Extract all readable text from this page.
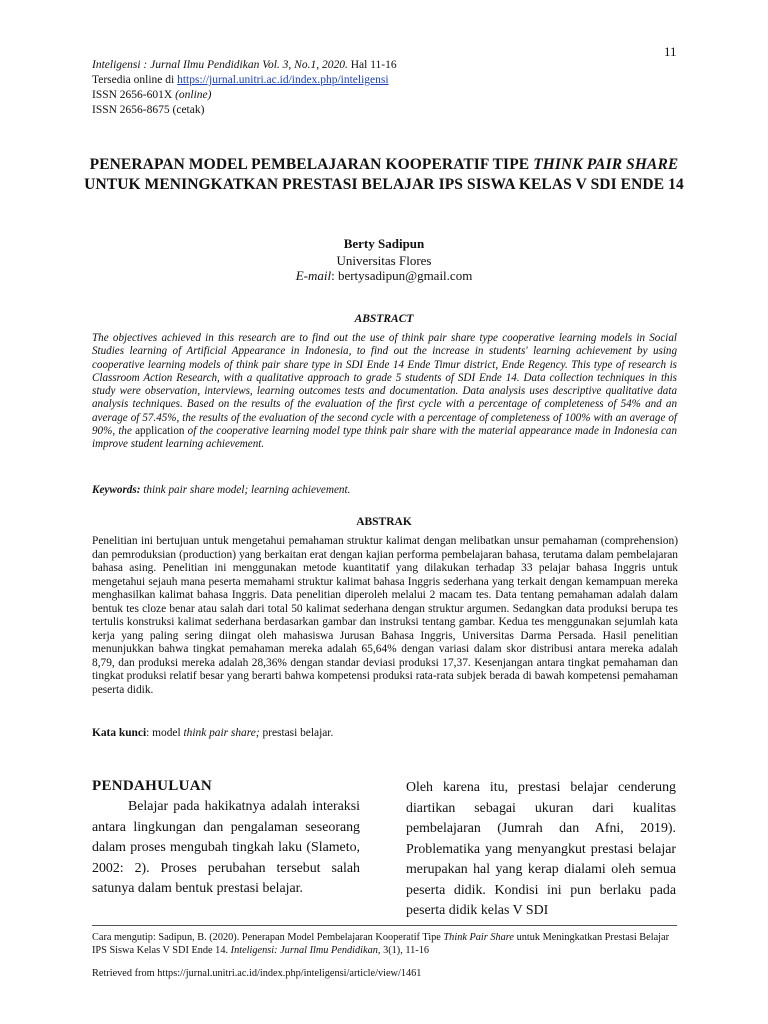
11
Inteligensi : Jurnal Ilmu Pendidikan Vol. 3, No.1, 2020. Hal 11-16
Tersedia online di https://jurnal.unitri.ac.id/index.php/inteligensi
ISSN 2656-601X (online)
ISSN 2656-8675 (cetak)
PENERAPAN MODEL PEMBELAJARAN KOOPERATIF TIPE THINK PAIR SHARE UNTUK MENINGKATKAN PRESTASI BELAJAR IPS SISWA KELAS V SDI ENDE 14
Berty Sadipun
Universitas Flores
E-mail: bertysadipun@gmail.com
ABSTRACT
The objectives achieved in this research are to find out the use of think pair share type cooperative learning models in Social Studies learning of Artificial Appearance in Indonesia, to find out the increase in students' learning achievement by using cooperative learning models of think pair share type in SDI Ende 14 Ende Timur district, Ende Regency. This type of research is Classroom Action Research, with a qualitative approach to grade 5 students of SDI Ende 14. Data collection techniques in this study were observation, interviews, learning outcomes tests and documentation. Data analysis uses descriptive qualitative data analysis techniques. Based on the results of the evaluation of the first cycle with a percentage of completeness of 54% and an average of 57.45%, the results of the evaluation of the second cycle with a percentage of completeness of 100% with an average of 90%, the application of the cooperative learning model type think pair share with the material appearance made in Indonesia can improve student learning achievement.
Keywords: think pair share model; learning achievement.
ABSTRAK
Penelitian ini bertujuan untuk mengetahui pemahaman struktur kalimat dengan melibatkan unsur pemahaman (comprehension) dan pemroduksian (production) yang berkaitan erat dengan kajian performa pembelajaran bahasa, terutama dalam pembelajaran bahasa asing. Penelitian ini menggunakan metode kuantitatif yang dilakukan terhadap 33 pelajar bahasa Inggris untuk mengetahui sejauh mana peserta memahami struktur kalimat bahasa Inggris sederhana yang terkait dengan kemampuan mereka menghasilkan kalimat bahasa Inggris. Data penelitian diperoleh melalui 2 macam tes. Data tentang pemahaman adalah dalam bentuk tes cloze benar atau salah dari total 50 kalimat sederhana dengan struktur argumen. Sedangkan data produksi berupa tes tertulis konstruksi kalimat sederhana berdasarkan gambar dan instruksi tentang gambar. Kedua tes menggunakan sejumlah kata kerja yang paling sering diingat oleh mahasiswa Jurusan Bahasa Inggris, Universitas Darma Persada. Hasil penelitian menunjukkan bahwa tingkat pemahaman mereka adalah 65,64% dengan variasi dalam skor distribusi antara mereka adalah 8,79, dan produksi mereka adalah 28,36% dengan standar deviasi produksi 17,37. Kesenjangan antara tingkat pemahaman dan tingkat produksi relatif besar yang berarti bahwa kompetensi produksi rata-rata subjek berada di bawah kompetensi pemahaman peserta didik.
Kata kunci: model think pair share; prestasi belajar.
PENDAHULUAN

Belajar pada hakikatnya adalah interaksi antara lingkungan dan pengalaman seseorang dalam proses mengubah tingkah laku (Slameto, 2002: 2). Proses perubahan tersebut salah satunya dalam bentuk prestasi belajar.

Oleh karena itu, prestasi belajar cenderung diartikan sebagai ukuran dari kualitas pembelajaran (Jumrah dan Afni, 2019). Problematika yang menyangkut prestasi belajar merupakan hal yang kerap dialami oleh semua peserta didik. Kondisi ini pun berlaku pada peserta didik kelas V SDI

Cara mengutip: Sadipun, B. (2020). Penerapan Model Pembelajaran Kooperatif Tipe Think Pair Share untuk Meningkatkan Prestasi Belajar IPS Siswa Kelas V SDI Ende 14. Inteligensi: Jurnal Ilmu Pendidikan, 3(1), 11-16
Retrieved from https://jurnal.unitri.ac.id/index.php/inteligensi/article/view/1461
